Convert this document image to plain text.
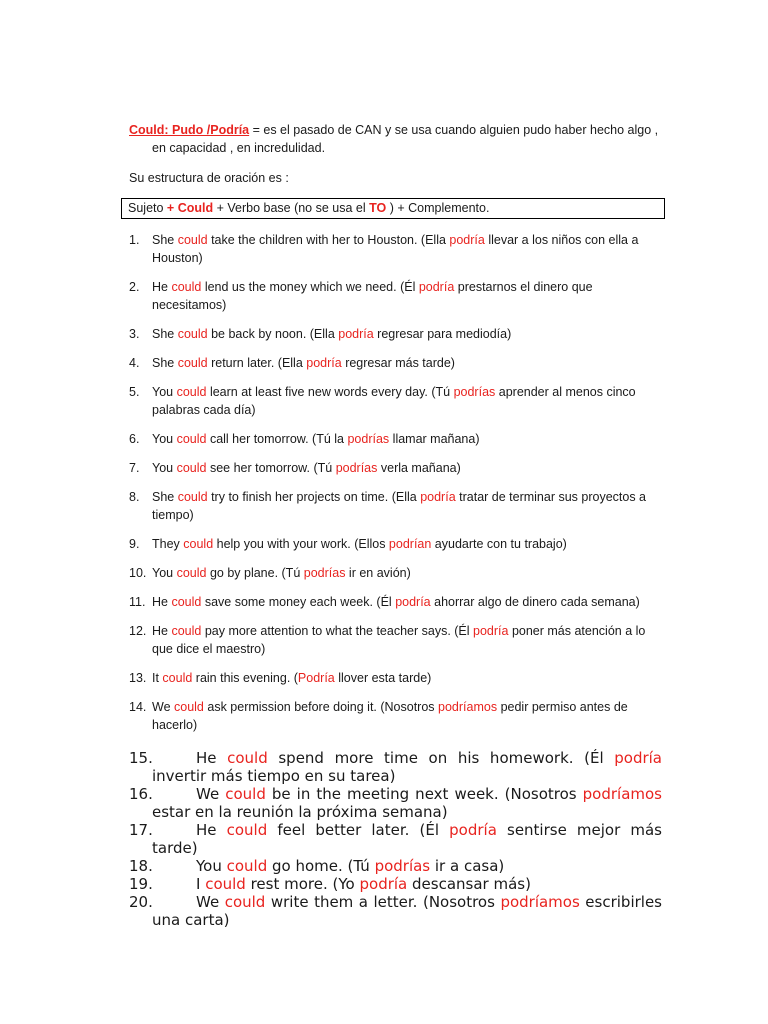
Could: Pudo /Podría = es el pasado de CAN y se usa cuando alguien pudo haber hecho algo ,
en capacidad , en incredulidad.
Su estructura de oración es :
Sujeto + Could + Verbo base (no se usa el TO ) + Complemento.
1.	She could take the children with her to Houston. (Ella podría llevar a los niños con ella a Houston)
2.	He could lend us the money which we need. (Él podría prestarnos el dinero que necesitamos)
3.	She could be back by noon. (Ella podría regresar para mediodía)
4.	She could return later. (Ella podría regresar más tarde)
5.	You could learn at least five new words every day. (Tú podrías aprender al menos cinco palabras cada día)
6.	You could call her tomorrow. (Tú la podrías llamar mañana)
7.	You could see her tomorrow. (Tú podrías verla mañana)
8.	She could try to finish her projects on time. (Ella podría tratar de terminar sus proyectos a tiempo)
9.	They could help you with your work. (Ellos podrían ayudarte con tu trabajo)
10. You could go by plane. (Tú podrías ir en avión)
11. He could save some money each week. (Él podría ahorrar algo de dinero cada semana)
12. He could pay more attention to what the teacher says. (Él podría poner más atención a lo que dice el maestro)
13. It could rain this evening. (Podría llover esta tarde)
14. We could ask permission before doing it. (Nosotros podríamos pedir permiso antes de hacerlo)
15.	He could spend more time on his homework. (Él podría invertir más tiempo en su tarea)
16.	We could be in the meeting next week. (Nosotros podríamos estar en la reunión la próxima semana)
17.	He could feel better later. (Él podría sentirse mejor más tarde)
18.	You could go home. (Tú podrías ir a casa)
19.	I could rest more. (Yo podría descansar más)
20.	We could write them a letter. (Nosotros podríamos escribirles una carta)
